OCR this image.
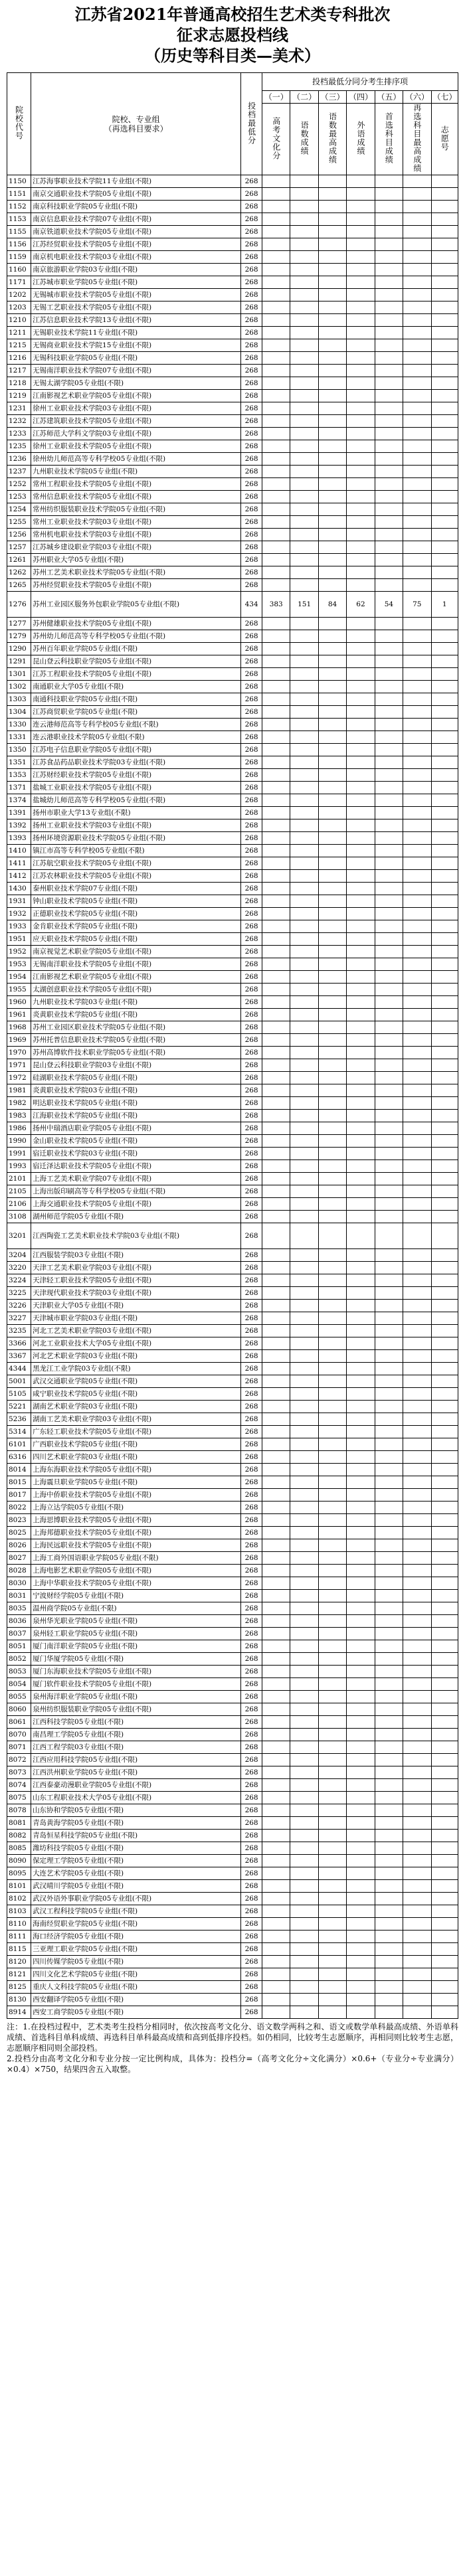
江苏省2021年普通高校招生艺术类专科批次

征求志愿投档线

（历史等科目类—美术）

院校代号	院校、专业组
（再选科目要求）	投档最低分	投档最低分同分考生排序项						
			（一）	（二）	（三）	（四）	（五）	（六）	（七）
			高考文化分	语数成绩	语数最高成绩	外语成绩	首选科目成绩	再选科目最高成绩	志愿号
1150	江苏海事职业技术学院11专业组(不限)	268							
1151	南京交通职业技术学院05专业组(不限)	268							
1152	南京科技职业学院05专业组(不限)	268							
1153	南京信息职业技术学院07专业组(不限)	268							
1155	南京铁道职业技术学院05专业组(不限)	268							
1156	江苏经贸职业技术学院05专业组(不限)	268							
1159	南京机电职业技术学院03专业组(不限)	268							
1160	南京旅游职业学院03专业组(不限)	268							
1171	江苏城市职业学院05专业组(不限)	268							
1202	无锡城市职业技术学院05专业组(不限)	268							
1203	无锡工艺职业技术学院05专业组(不限)	268							
1210	江苏信息职业技术学院13专业组(不限)	268							
1211	无锡职业技术学院11专业组(不限)	268							
1215	无锡商业职业技术学院15专业组(不限)	268							
1216	无锡科技职业学院05专业组(不限)	268							
1217	无锡南洋职业技术学院07专业组(不限)	268							
1218	无锡太湖学院05专业组(不限)	268							
1219	江南影视艺术职业学院05专业组(不限)	268							
1231	徐州工业职业技术学院03专业组(不限)	268							
1232	江苏建筑职业技术学院05专业组(不限)	268							
1233	江苏师范大学科文学院03专业组(不限)	268							
1235	徐州工业职业技术学院05专业组(不限)	268							
1236	徐州幼儿师范高等专科学校05专业组(不限)	268							
1237	九州职业技术学院05专业组(不限)	268							
1252	常州工程职业技术学院05专业组(不限)	268							
1253	常州信息职业技术学院05专业组(不限)	268							
1254	常州纺织服装职业技术学院05专业组(不限)	268							
1255	常州工业职业技术学院03专业组(不限)	268							
1256	常州机电职业技术学院03专业组(不限)	268							
1257	江苏城乡建设职业学院03专业组(不限)	268							
1261	苏州职业大学05专业组(不限)	268							
1262	苏州工艺美术职业技术学院05专业组(不限)	268							
1265	苏州经贸职业技术学院05专业组(不限)	268							
1276	苏州工业园区服务外包职业学院05专业组(不限)	434	383	151	84	62	54	75	1
1277	苏州健雄职业技术学院05专业组(不限)	268							
1279	苏州幼儿师范高等专科学校05专业组(不限)	268							
1290	苏州百年职业学院05专业组(不限)	268							
1291	昆山登云科技职业学院05专业组(不限)	268							
1301	江苏工程职业技术学院05专业组(不限)	268							
1302	南通职业大学05专业组(不限)	268							
1303	南通科技职业学院05专业组(不限)	268							
1304	江苏商贸职业学院05专业组(不限)	268							
1330	连云港师范高等专科学校05专业组(不限)	268							
1331	连云港职业技术学院05专业组(不限)	268							
1350	江苏电子信息职业学院05专业组(不限)	268							
1351	江苏食品药品职业技术学院03专业组(不限)	268							
1353	江苏财经职业技术学院05专业组(不限)	268							
1371	盐城工业职业技术学院05专业组(不限)	268							
1374	盐城幼儿师范高等专科学校05专业组(不限)	268							
1391	扬州市职业大学13专业组(不限)	268							
1392	扬州工业职业技术学院03专业组(不限)	268							
1393	扬州环境资源职业技术学院05专业组(不限)	268							
1410	镇江市高等专科学校05专业组(不限)	268							
1411	江苏航空职业技术学院05专业组(不限)	268							
1412	江苏农林职业技术学院05专业组(不限)	268							
1430	泰州职业技术学院07专业组(不限)	268							
1931	钟山职业技术学院05专业组(不限)	268							
1932	正德职业技术学院05专业组(不限)	268							
1933	金肯职业技术学院05专业组(不限)	268							
1951	应天职业技术学院05专业组(不限)	268							
1952	南京视觉艺术职业学院05专业组(不限)	268							
1953	无锡南洋职业技术学院05专业组(不限)	268							
1954	江南影视艺术职业学院05专业组(不限)	268							
1955	太湖创意职业技术学院05专业组(不限)	268							
1960	九州职业技术学院03专业组(不限)	268							
1961	炎黄职业技术学院05专业组(不限)	268							
1968	苏州工业园区职业技术学院05专业组(不限)	268							
1969	苏州托普信息职业技术学院05专业组(不限)	268							
1970	苏州高博软件技术职业学院05专业组(不限)	268							
1971	昆山登云科技职业学院03专业组(不限)	268							
1972	硅湖职业技术学院05专业组(不限)	268							
1981	炎黄职业技术学院03专业组(不限)	268							
1982	明达职业技术学院05专业组(不限)	268							
1983	江海职业技术学院05专业组(不限)	268							
1986	扬州中瑞酒店职业学院05专业组(不限)	268							
1990	金山职业技术学院05专业组(不限)	268							
1991	宿迁职业技术学院03专业组(不限)	268							
1993	宿迁泽达职业技术学院05专业组(不限)	268							
2101	上海工艺美术职业学院07专业组(不限)	268							
2105	上海出版印刷高等专科学校05专业组(不限)	268							
2106	上海交通职业技术学院05专业组(不限)	268							
3108	湖州师范学院05专业组(不限)	268							
3201	江西陶瓷工艺美术职业技术学院03专业组(不限)	268							
3204	江西服装学院03专业组(不限)	268							
3220	天津工艺美术职业学院03专业组(不限)	268							
3224	天津轻工职业技术学院05专业组(不限)	268							
3225	天津现代职业技术学院03专业组(不限)	268							
3226	天津职业大学05专业组(不限)	268							
3227	天津城市职业学院03专业组(不限)	268							
3235	河北工艺美术职业学院03专业组(不限)	268							
3366	河北工业职业技术大学05专业组(不限)	268							
3367	河北艺术职业学院03专业组(不限)	268							
4344	黑龙江工业学院03专业组(不限)	268							
5001	武汉交通职业学院05专业组(不限)	268							
5105	咸宁职业技术学院05专业组(不限)	268							
5221	湖南艺术职业学院03专业组(不限)	268							
5236	湖南工艺美术职业学院03专业组(不限)	268							
5314	广东轻工职业技术学院05专业组(不限)	268							
6101	广西职业技术学院05专业组(不限)	268							
6316	四川艺术职业学院03专业组(不限)	268							
8014	上海东海职业技术学院05专业组(不限)	268							
8015	上海震旦职业学院05专业组(不限)	268							
8017	上海中侨职业技术学院05专业组(不限)	268							
8022	上海立达学院05专业组(不限)	268							
8023	上海思博职业技术学院05专业组(不限)	268							
8025	上海邦德职业技术学院05专业组(不限)	268							
8026	上海民远职业技术学院05专业组(不限)	268							
8027	上海工商外国语职业学院05专业组(不限)	268							
8028	上海电影艺术职业学院05专业组(不限)	268							
8030	上海中华职业技术学院05专业组(不限)	268							
8031	宁波财经学院05专业组(不限)	268							
8035	温州商学院05专业组(不限)	268							
8036	泉州华光职业学院05专业组(不限)	268							
8037	泉州轻工职业学院05专业组(不限)	268							
8051	厦门南洋职业学院05专业组(不限)	268							
8052	厦门华厦学院05专业组(不限)	268							
8053	厦门东海职业技术学院05专业组(不限)	268							
8054	厦门软件职业技术学院05专业组(不限)	268							
8055	泉州海洋职业学院05专业组(不限)	268							
8060	泉州纺织服装职业学院05专业组(不限)	268							
8061	江西科技学院05专业组(不限)	268							
8070	南昌理工学院05专业组(不限)	268							
8071	江西工程学院03专业组(不限)	268							
8072	江西应用科技学院05专业组(不限)	268							
8073	江西洪州职业学院05专业组(不限)	268							
8074	江西泰豪动漫职业学院05专业组(不限)	268							
8075	山东工程职业技术大学05专业组(不限)	268							
8078	山东协和学院05专业组(不限)	268							
8081	青岛黄海学院05专业组(不限)	268							
8082	青岛恒星科技学院05专业组(不限)	268							
8085	潍坊科技学院05专业组(不限)	268							
8090	保定理工学院05专业组(不限)	268							
8095	大连艺术学院05专业组(不限)	268							
8101	武汉晴川学院05专业组(不限)	268							
8102	武汉外语外事职业学院05专业组(不限)	268							
8103	武汉工程科技学院05专业组(不限)	268							
8110	海南经贸职业学院05专业组(不限)	268							
8111	海口经济学院05专业组(不限)	268							
8115	三亚理工职业学院05专业组(不限)	268							
8120	四川传媒学院05专业组(不限)	268							
8121	四川文化艺术学院05专业组(不限)	268							
8125	重庆人文科技学院05专业组(不限)	268							
8130	西安翻译学院05专业组(不限)	268							
8914	西安工商学院05专业组(不限)	268							

注：1.在投档过程中，艺术类考生投档分相同时，依次按高考文化分、语文数学两科之和、语文或数学单科最高成绩、外语单科成绩、首选科目单科成绩、再选科目单科最高成绩和高到低排序投档。如仍相同，比较考生志愿顺序，再相同则比较考生志愿，志愿顺序相同则全部投档。

2.投档分由高考文化分和专业分按一定比例构成，具体为：投档分=（高考文化分÷文化满分）×0.6+（专业分÷专业满分）×0.4）×750，结果四舍五入取整。
